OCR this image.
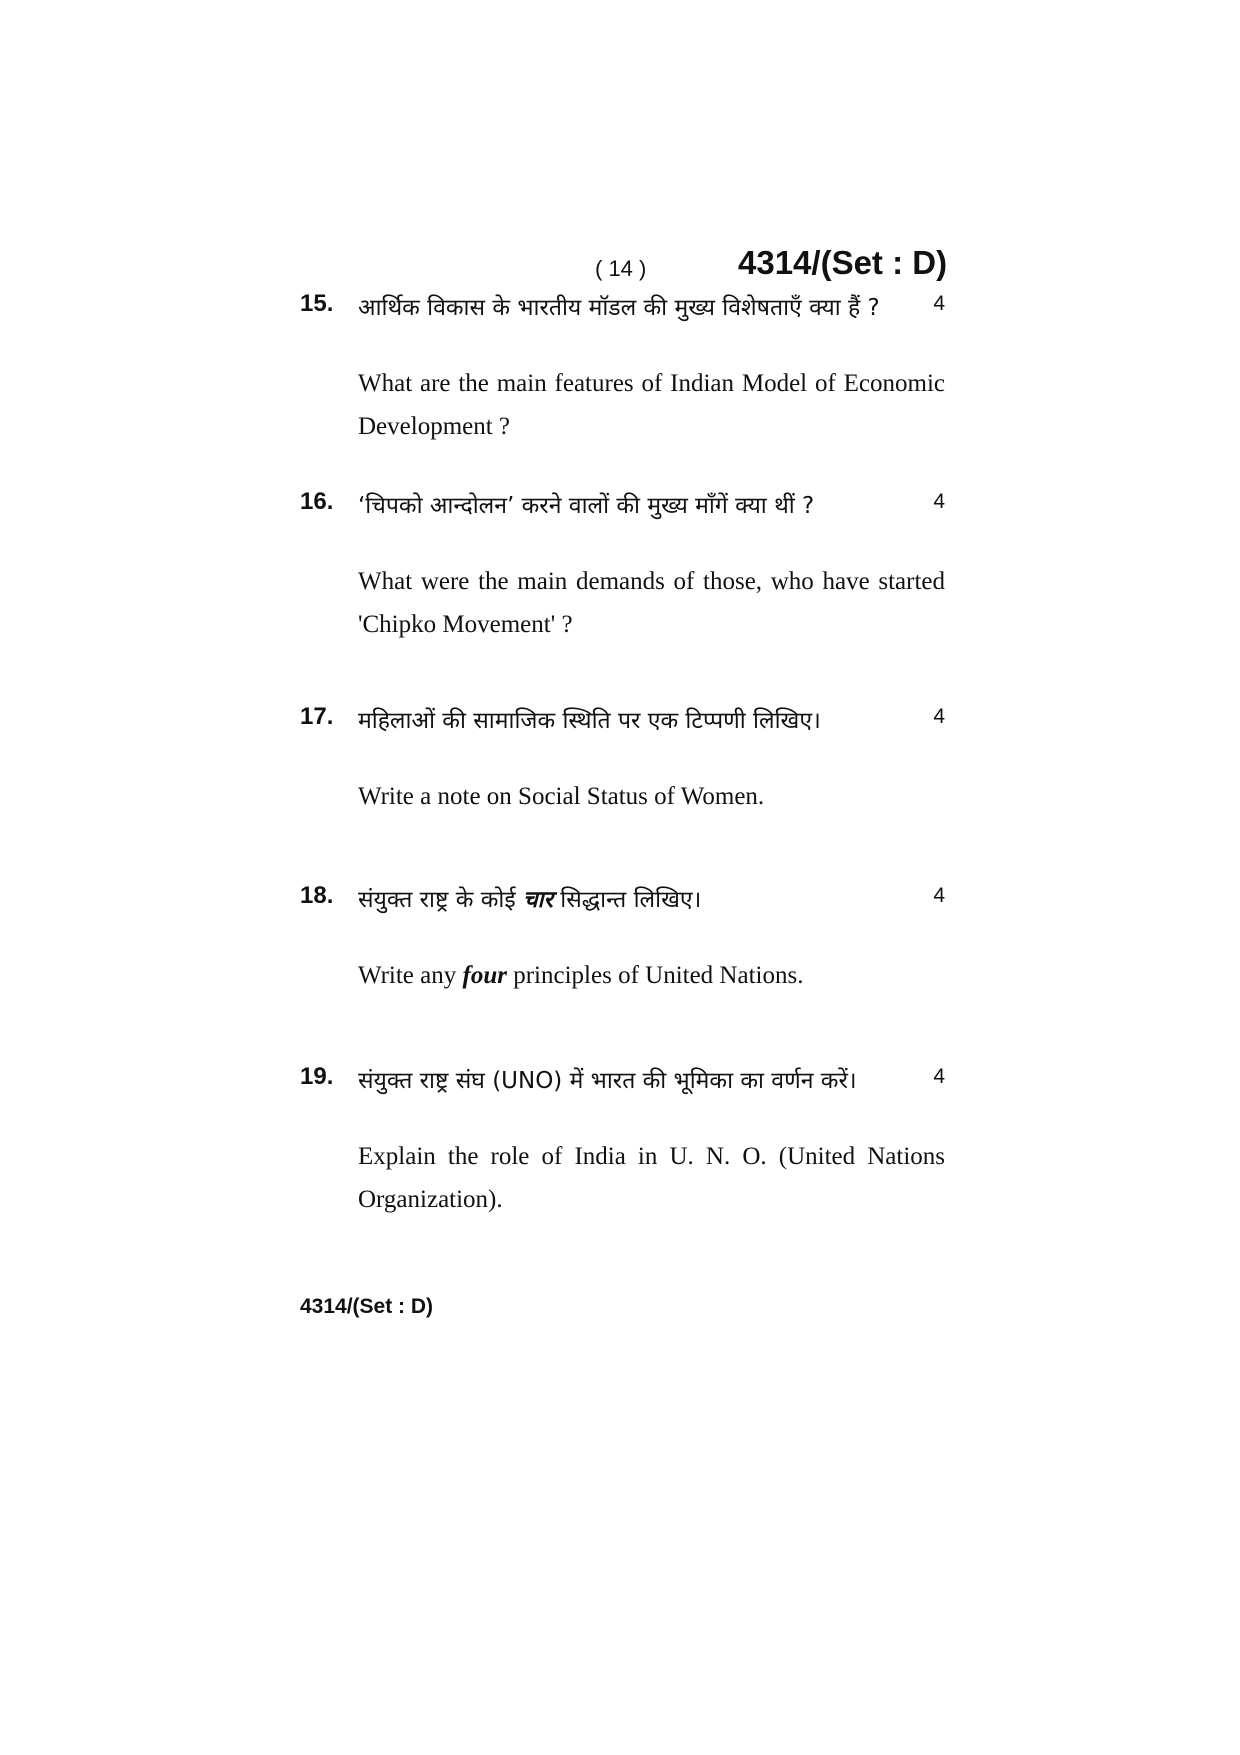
( 14 )	4314/(Set : D)
15. आर्थिक विकास के भारतीय मॉडल की मुख्य विशेषताएँ क्या हैं ?	4
What are the main features of Indian Model of Economic Development ?
16. ‘चिपको आन्दोलन’ करने वालों की मुख्य माँगें क्या थीं ?	4
What were the main demands of those, who have started 'Chipko Movement' ?
17. महिलाओं की सामाजिक स्थिति पर एक टिप्पणी लिखिए।	4
Write a note on Social Status of Women.
18. संयुक्त राष्ट्र के कोई चार सिद्धान्त लिखिए।	4
Write any four principles of United Nations.
19. संयुक्त राष्ट्र संघ (UNO) में भारत की भूमिका का वर्णन करें।	4
Explain the role of India in U. N. O. (United Nations Organization).
4314/(Set : D)
